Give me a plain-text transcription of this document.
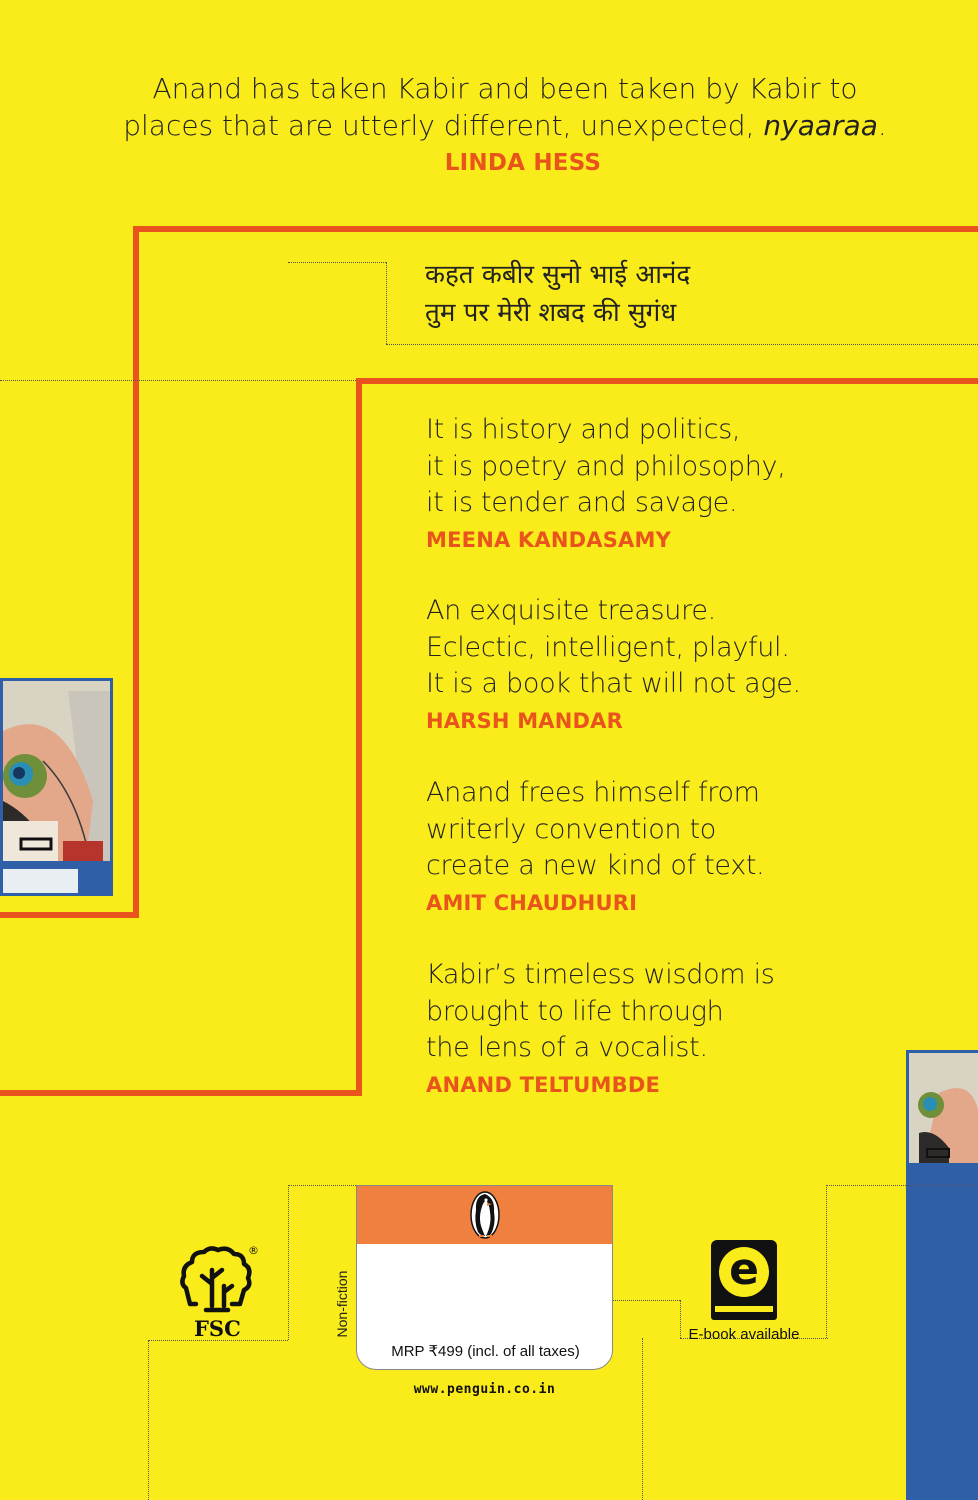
Anand has taken Kabir and been taken by Kabir to
places that are utterly different, unexpected, nyaaraa.
LINDA HESS
कहत कबीर सुनो भाई आनंद
तुम पर मेरी शबद की सुगंध
It is history and politics,
it is poetry and philosophy,
it is tender and savage.
MEENA KANDASAMY
An exquisite treasure.
Eclectic, intelligent, playful.
It is a book that will not age.
HARSH MANDAR
Anand frees himself from
writerly convention to
create a new kind of text.
AMIT CHAUDHURI
Kabir’s timeless wisdom is
brought to life through
the lens of a vocalist.
ANAND TELTUMBDE
®
FSC
MRP ₹499 (incl. of all taxes)
Non-fiction
www.penguin.co.in
e
E-book available
